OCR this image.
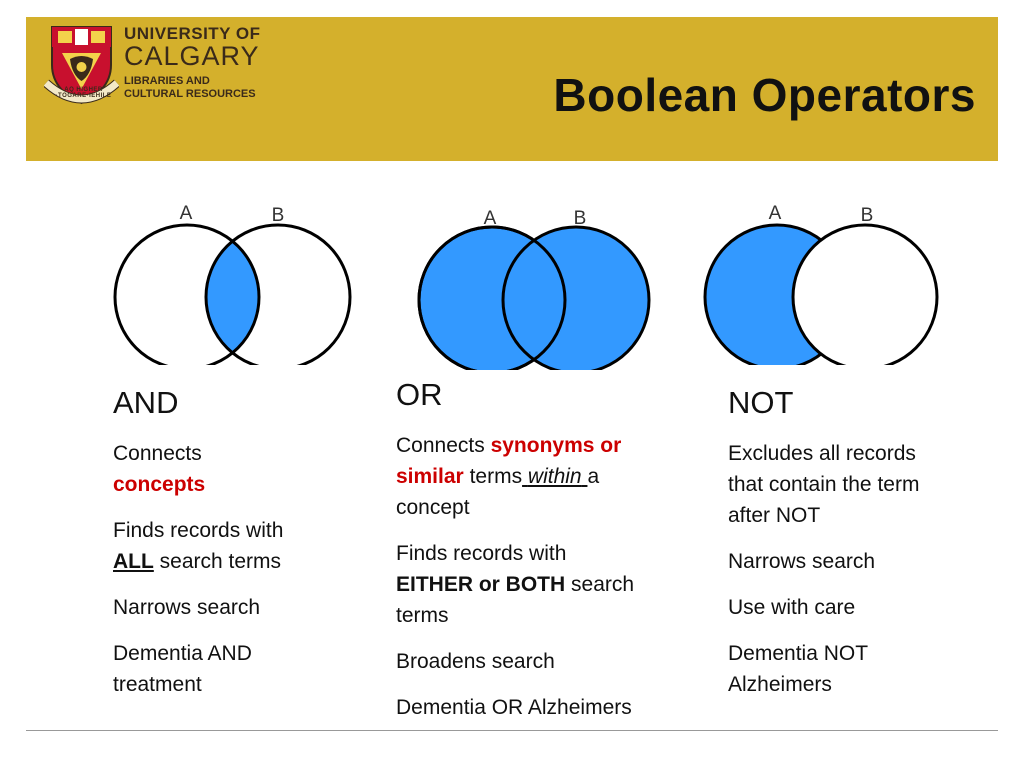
UNIVERSITY OF
CALGARY
LIBRARIES AND
CULTURAL RESOURCES
AQ HIGHER ·TOGARE·IEHILE	Boolean Operators
A	B	A	B	A	B
AND

Connects
concepts

Finds records with
ALL search terms

Narrows search

Dementia AND
treatment

OR

Connects synonyms or
similar terms within a
concept

Finds records with
EITHER or BOTH search
terms

Broadens search

Dementia OR Alzheimers

NOT

Excludes all records
that contain the term
after NOT

Narrows search

Use with care

Dementia NOT
Alzheimers
